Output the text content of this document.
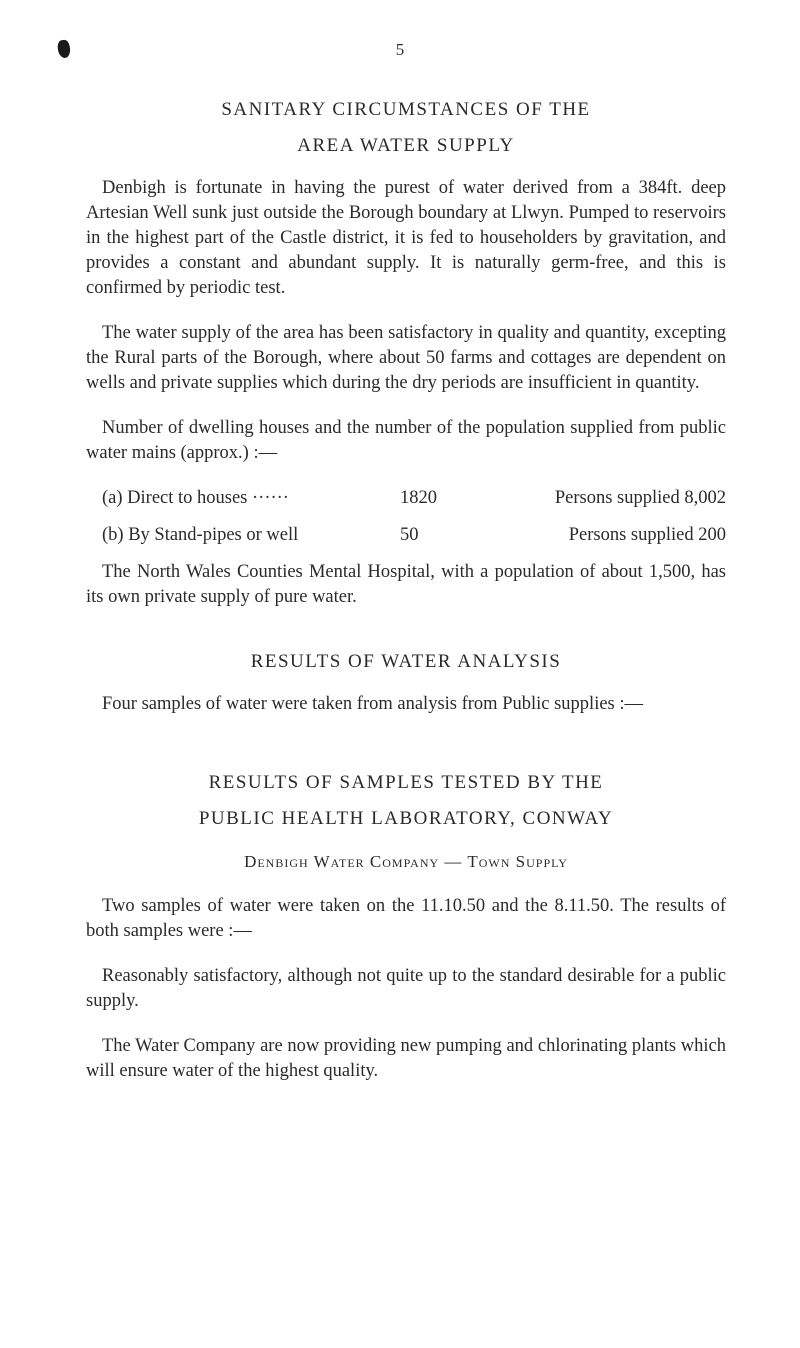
5
SANITARY CIRCUMSTANCES OF THE
AREA WATER SUPPLY

Denbigh is fortunate in having the purest of water derived from a 384ft. deep Artesian Well sunk just outside the Borough boundary at Llwyn. Pumped to reservoirs in the highest part of the Castle district, it is fed to householders by gravitation, and provides a constant and abundant supply. It is naturally germ-free, and this is confirmed by periodic test.

The water supply of the area has been satisfactory in quality and quantity, excepting the Rural parts of the Borough, where about 50 farms and cottages are dependent on wells and private supplies which during the dry periods are insufficient in quantity.

Number of dwelling houses and the number of the population supplied from public water mains (approx.) :—

(a) Direct to houses ······	1820	Persons supplied 8,002
(b) By Stand-pipes or well	50	Persons supplied 200

The North Wales Counties Mental Hospital, with a population of about 1,500, has its own private supply of pure water.

RESULTS OF WATER ANALYSIS

Four samples of water were taken from analysis from Public supplies :—

RESULTS OF SAMPLES TESTED BY THE
PUBLIC HEALTH LABORATORY, CONWAY
Denbigh Water Company — Town Supply

Two samples of water were taken on the 11.10.50 and the 8.11.50. The results of both samples were :—

Reasonably satisfactory, although not quite up to the standard desirable for a public supply.

The Water Company are now providing new pumping and chlorinating plants which will ensure water of the highest quality.
